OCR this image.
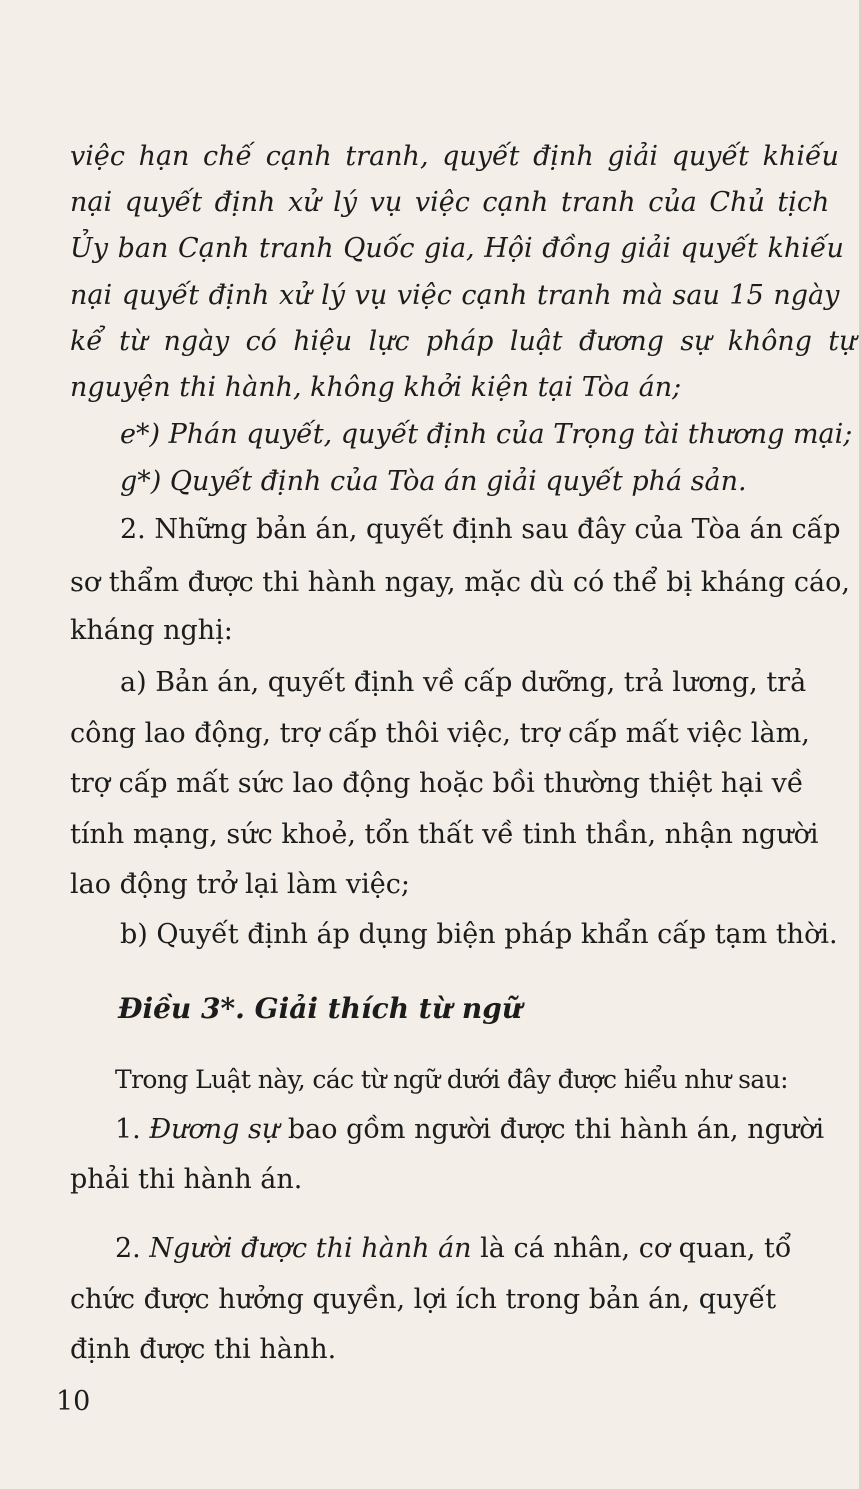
việc hạn chế cạnh tranh, quyết định giải quyết khiếu
nại quyết định xử lý vụ việc cạnh tranh của Chủ tịch
Ủy ban Cạnh tranh Quốc gia, Hội đồng giải quyết khiếu
nại quyết định xử lý vụ việc cạnh tranh mà sau 15 ngày
kể từ ngày có hiệu lực pháp luật đương sự không tự
nguyện thi hành, không khởi kiện tại Tòa án;
e*) Phán quyết, quyết định của Trọng tài thương mại;
g*) Quyết định của Tòa án giải quyết phá sản.
2. Những bản án, quyết định sau đây của Tòa án cấp
sơ thẩm được thi hành ngay, mặc dù có thể bị kháng cáo,
kháng nghị:
a) Bản án, quyết định về cấp dưỡng, trả lương, trả
công lao động, trợ cấp thôi việc, trợ cấp mất việc làm,
trợ cấp mất sức lao động hoặc bồi thường thiệt hại về
tính mạng, sức khoẻ, tổn thất về tinh thần, nhận người
lao động trở lại làm việc;
b) Quyết định áp dụng biện pháp khẩn cấp tạm thời.
Điều 3*. Giải thích từ ngữ
Trong Luật này, các từ ngữ dưới đây được hiểu như sau:
1. Đương sự bao gồm người được thi hành án, người
phải thi hành án.
2. Người được thi hành án là cá nhân, cơ quan, tổ
chức được hưởng quyền, lợi ích trong bản án, quyết
định được thi hành.
10
